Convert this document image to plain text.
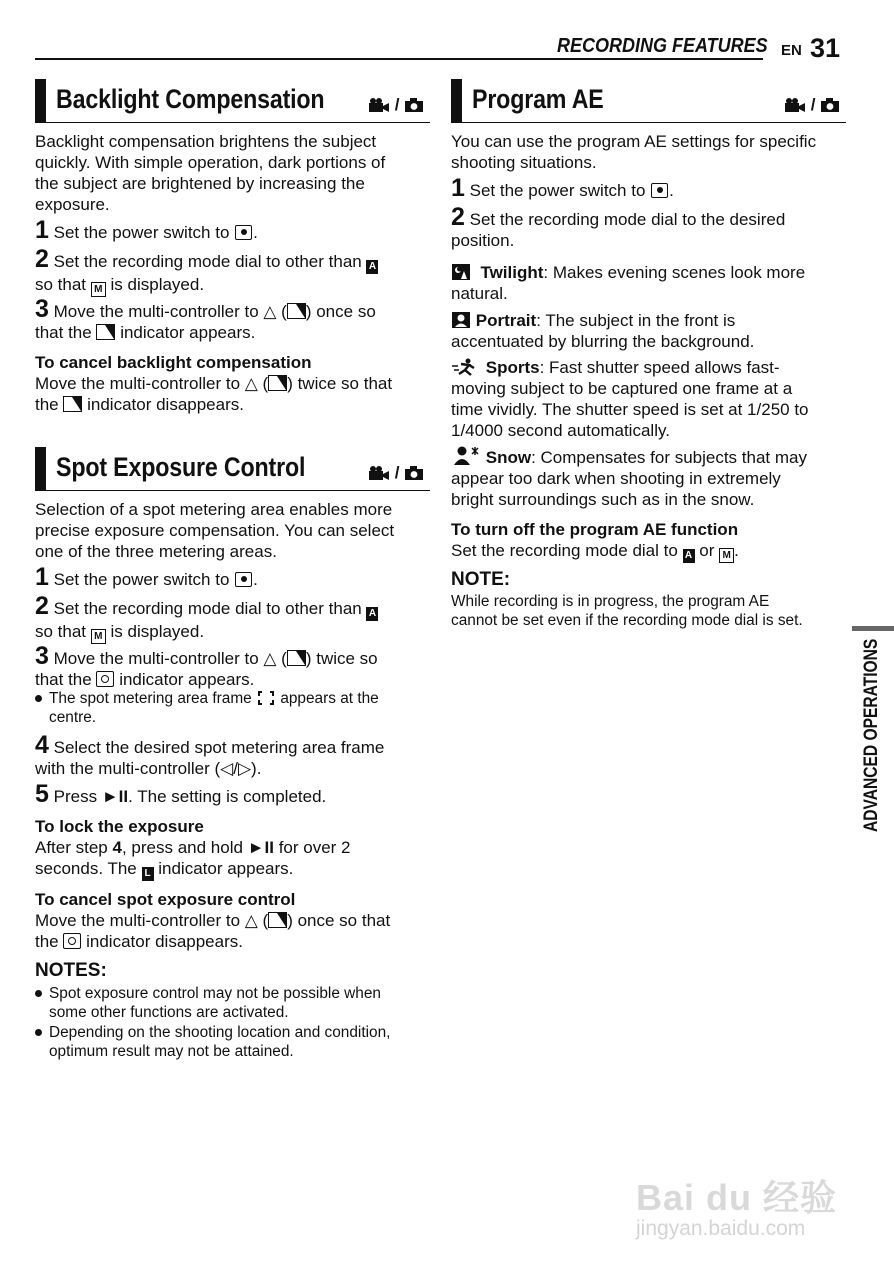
RECORDING FEATURES EN 31
ADVANCED OPERATIONS
Backlight Compensation	/
Backlight compensation brightens the subject
quickly. With simple operation, dark portions of
the subject are brightened by increasing the
exposure.
1 Set the power switch to .
2 Set the recording mode dial to other than A
so that M is displayed.
3 Move the multi-controller to △ ( ) once so
that the indicator appears.
To cancel backlight compensation
Move the multi-controller to △ ( ) twice so that
the indicator disappears.
Spot Exposure Control	/
Selection of a spot metering area enables more
precise exposure compensation. You can select
one of the three metering areas.
1 Set the power switch to .
2 Set the recording mode dial to other than A
so that M is displayed.
3 Move the multi-controller to △ ( ) twice so
that the indicator appears.
The spot metering area frame appears at the
centre.
4 Select the desired spot metering area frame
with the multi-controller (◁/▷).
5 Press ►II. The setting is completed.
To lock the exposure
After step 4, press and hold ►II for over 2
seconds. The L indicator appears.
To cancel spot exposure control
Move the multi-controller to △ ( ) once so that
the indicator disappears.
NOTES:
Spot exposure control may not be possible when
some other functions are activated.
Depending on the shooting location and condition,
optimum result may not be attained.
Program AE	/
You can use the program AE settings for specific
shooting situations.
1 Set the power switch to .
2 Set the recording mode dial to the desired
position.
Twilight: Makes evening scenes look more
natural.
Portrait: The subject in the front is
accentuated by blurring the background.
Sports: Fast shutter speed allows fast-
moving subject to be captured one frame at a
time vividly. The shutter speed is set at 1/250 to
1/4000 second automatically.
Snow: Compensates for subjects that may
appear too dark when shooting in extremely
bright surroundings such as in the snow.
To turn off the program AE function
Set the recording mode dial to A or M .
NOTE:
While recording is in progress, the program AE
cannot be set even if the recording mode dial is set.
Bai du 经验
jingyan.baidu.com
